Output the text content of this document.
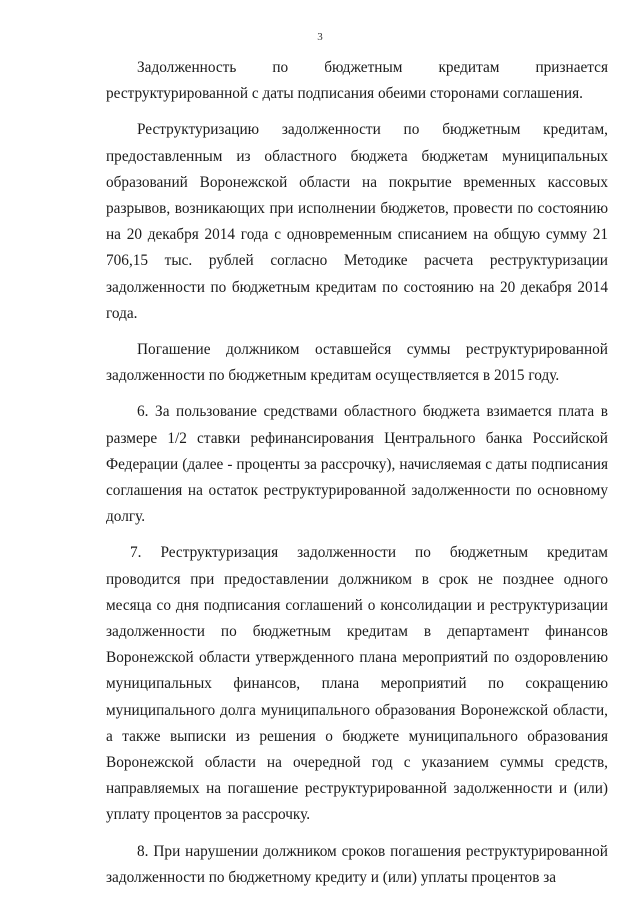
3

Задолженность по бюджетным кредитам признается реструктурированной с даты подписания обеими сторонами соглашения.

Реструктуризацию задолженности по бюджетным кредитам, предоставленным из областного бюджета бюджетам муниципальных образований Воронежской области на покрытие временных кассовых разрывов, возникающих при исполнении бюджетов, провести по состоянию на 20 декабря 2014 года с одновременным списанием на общую сумму 21 706,15 тыс. рублей согласно Методике расчета реструктуризации задолженности по бюджетным кредитам по состоянию на 20 декабря 2014 года.

Погашение должником оставшейся суммы реструктурированной задолженности по бюджетным кредитам осуществляется в 2015 году.

6. За пользование средствами областного бюджета взимается плата в размере 1/2 ставки рефинансирования Центрального банка Российской Федерации (далее - проценты за рассрочку), начисляемая с даты подписания соглашения на остаток реструктурированной задолженности по основному долгу.

7. Реструктуризация задолженности по бюджетным кредитам проводится при предоставлении должником в срок не позднее одного месяца со дня подписания соглашений о консолидации и реструктуризации задолженности по бюджетным кредитам в департамент финансов Воронежской области утвержденного плана мероприятий по оздоровлению муниципальных финансов, плана мероприятий по сокращению муниципального долга муниципального образования Воронежской области, а также выписки из решения о бюджете муниципального образования Воронежской области на очередной год с указанием суммы средств, направляемых на погашение реструктурированной задолженности и (или) уплату процентов за рассрочку.

8. При нарушении должником сроков погашения реструктурированной задолженности по бюджетному кредиту и (или) уплаты процентов за
